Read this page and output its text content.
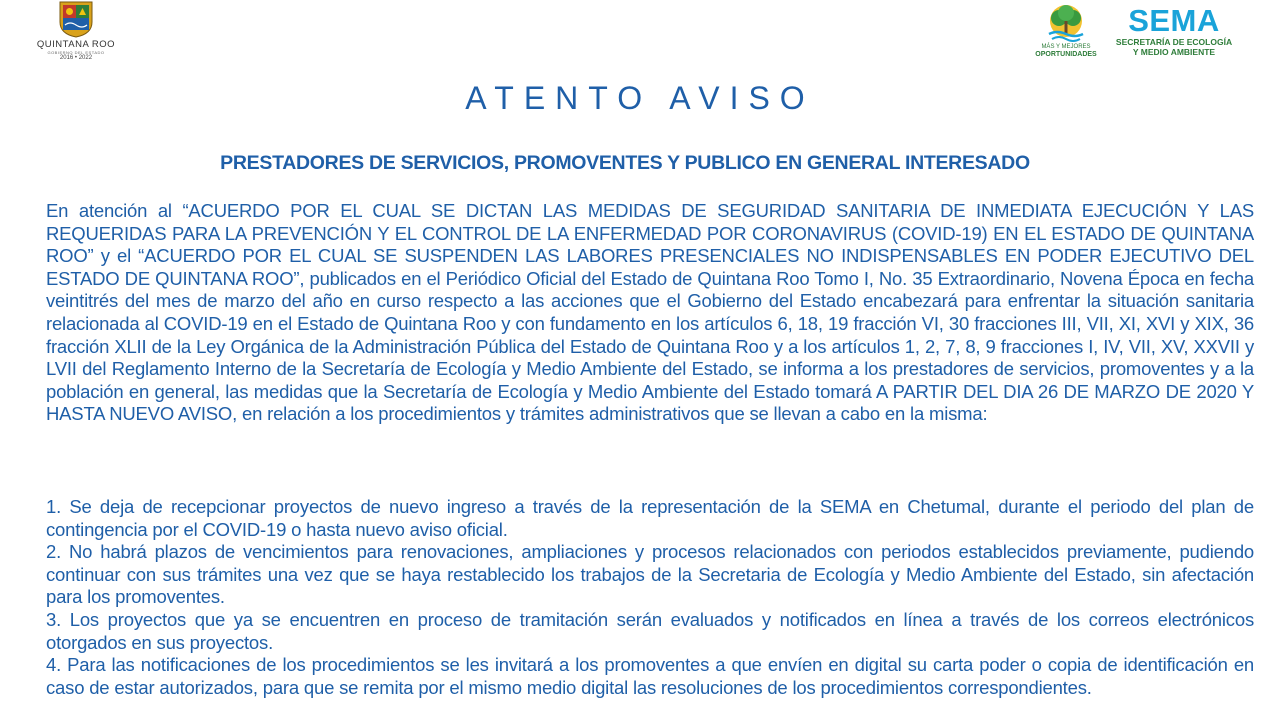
QUINTANA ROO
GOBIERNO DEL ESTADO
2016 • 2022
MÁS Y MEJORES
OPORTUNIDADES
SEMA
SECRETARÍA DE ECOLOGÍA
Y MEDIO AMBIENTE
ATENTO AVISO
PRESTADORES DE SERVICIOS, PROMOVENTES Y PUBLICO EN GENERAL INTERESADO

En atención al “ACUERDO POR EL CUAL SE DICTAN LAS MEDIDAS DE SEGURIDAD SANITARIA DE INMEDIATA EJECUCIÓN Y LAS REQUERIDAS PARA LA PREVENCIÓN Y EL CONTROL DE LA ENFERMEDAD POR CORONAVIRUS (COVID-19) EN EL ESTADO DE QUINTANA ROO” y el “ACUERDO POR EL CUAL SE SUSPENDEN LAS LABORES PRESENCIALES NO INDISPENSABLES EN PODER EJECUTIVO DEL ESTADO DE QUINTANA ROO”, publicados en el Periódico Oficial del Estado de Quintana Roo Tomo I, No. 35 Extraordinario, Novena Época en fecha veintitrés del mes de marzo del año en curso respecto a las acciones que el Gobierno del Estado encabezará para enfrentar la situación sanitaria relacionada al COVID-19 en el Estado de Quintana Roo y con fundamento en los artículos 6, 18, 19 fracción VI, 30 fracciones III, VII, XI, XVI y XIX, 36 fracción XLII de la Ley Orgánica de la Administración Pública del Estado de Quintana Roo y a los artículos 1, 2, 7, 8, 9 fracciones I, IV, VII, XV, XXVII y LVII del Reglamento Interno de la Secretaría de Ecología y Medio Ambiente del Estado, se informa a los prestadores de servicios, promoventes y a la población en general, las medidas que la Secretaría de Ecología y Medio Ambiente del Estado tomará A PARTIR DEL DIA 26 DE MARZO DE 2020 Y HASTA NUEVO AVISO, en relación a los procedimientos y trámites administrativos que se llevan a cabo en la misma:

1. Se deja de recepcionar proyectos de nuevo ingreso a través de la representación de la SEMA en Chetumal, durante el periodo del plan de contingencia por el COVID-19 o hasta nuevo aviso oficial.
2. No habrá plazos de vencimientos para renovaciones, ampliaciones y procesos relacionados con periodos establecidos previamente, pudiendo continuar con sus trámites una vez que se haya restablecido los trabajos de la Secretaria de Ecología y Medio Ambiente del Estado, sin afectación para los promoventes.
3. Los proyectos que ya se encuentren en proceso de tramitación serán evaluados y notificados en línea a través de los correos electrónicos otorgados en sus proyectos.
4. Para las notificaciones de los procedimientos se les invitará a los promoventes a que envíen en digital su carta poder o copia de identificación en caso de estar autorizados, para que se remita por el mismo medio digital las resoluciones de los procedimientos correspondientes.
